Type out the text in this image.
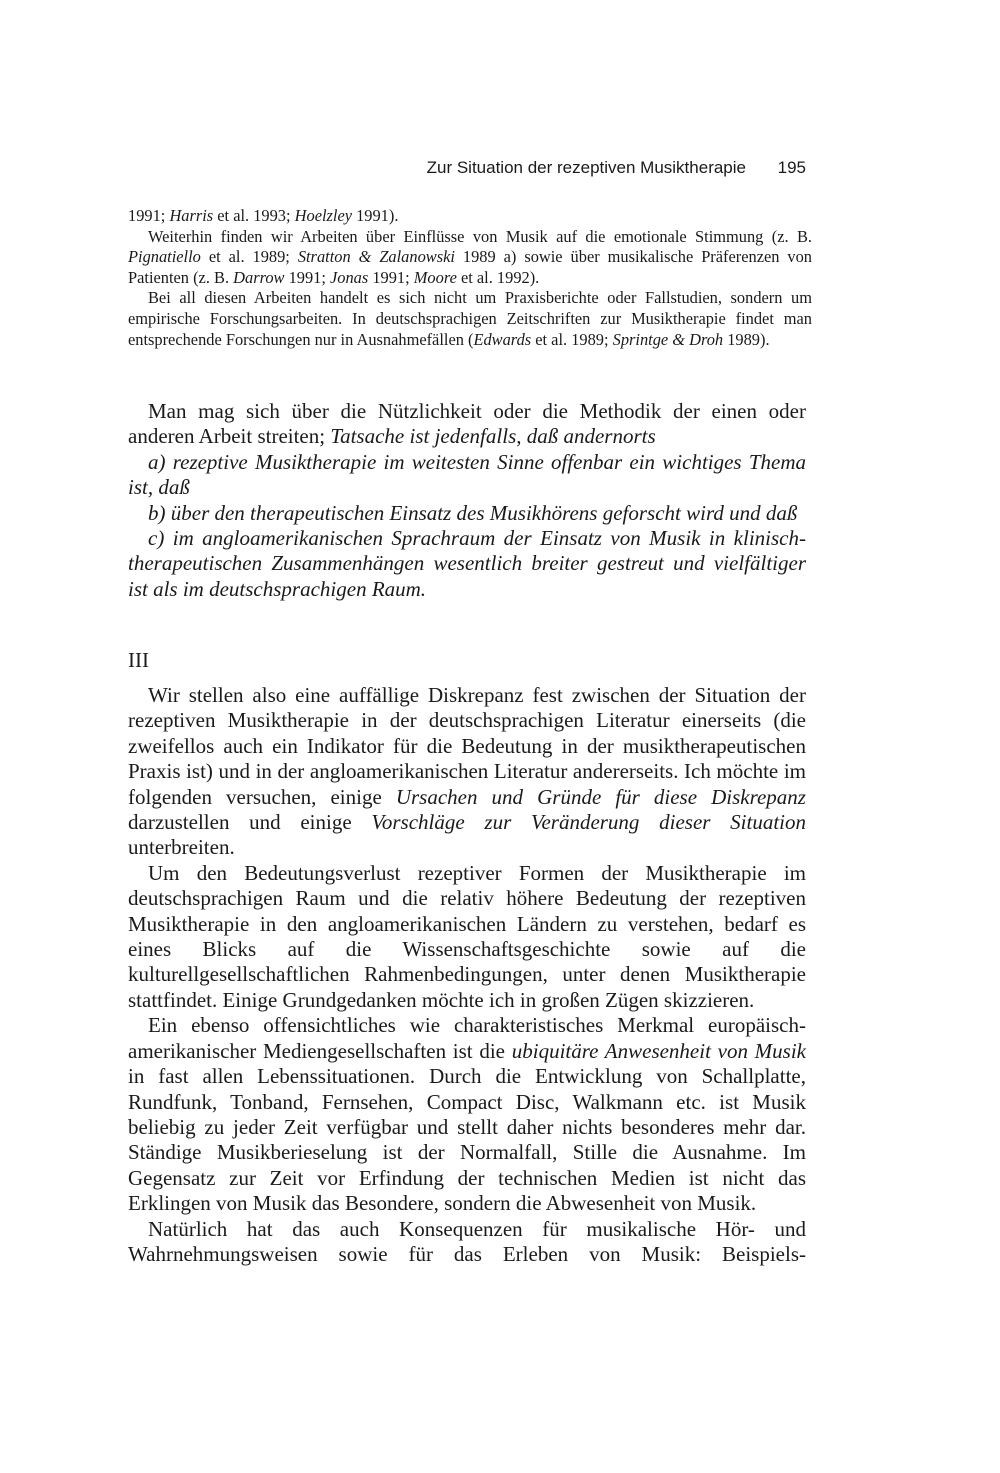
Zur Situation der rezeptiven Musiktherapie 195

1991; Harris et al. 1993; Hoelzley 1991).

Weiterhin finden wir Arbeiten über Einflüsse von Musik auf die emotionale Stimmung (z. B. Pignatiello et al. 1989; Stratton & Zalanowski 1989 a) sowie über musikalische Präferenzen von Patienten (z. B. Darrow 1991; Jonas 1991; Moore et al. 1992).

Bei all diesen Arbeiten handelt es sich nicht um Praxisberichte oder Fallstudien, sondern um empirische Forschungsarbeiten. In deutschsprachigen Zeitschriften zur Musiktherapie findet man entsprechende Forschungen nur in Ausnahmefällen (Edwards et al. 1989; Sprintge & Droh 1989).

Man mag sich über die Nützlichkeit oder die Methodik der einen oder anderen Arbeit streiten; Tatsache ist jedenfalls, daß andernorts

a) rezeptive Musiktherapie im weitesten Sinne offenbar ein wichtiges Thema ist, daß

b) über den therapeutischen Einsatz des Musikhörens geforscht wird und daß

c) im angloamerikanischen Sprachraum der Einsatz von Musik in klinisch-therapeutischen Zusammenhängen wesentlich breiter gestreut und vielfältiger ist als im deutschsprachigen Raum.

III

Wir stellen also eine auffällige Diskrepanz fest zwischen der Situation der rezeptiven Musiktherapie in der deutschsprachigen Literatur einerseits (die zweifellos auch ein Indikator für die Bedeutung in der musiktherapeutischen Praxis ist) und in der angloamerikanischen Literatur andererseits. Ich möchte im folgenden versuchen, einige Ursachen und Gründe für diese Diskrepanz darzustellen und einige Vorschläge zur Veränderung dieser Situation unterbreiten.

Um den Bedeutungsverlust rezeptiver Formen der Musiktherapie im deutschsprachigen Raum und die relativ höhere Bedeutung der rezeptiven Musiktherapie in den angloamerikanischen Ländern zu verstehen, bedarf es eines Blicks auf die Wissenschaftsgeschichte sowie auf die kulturellgesellschaftlichen Rahmenbedingungen, unter denen Musiktherapie stattfindet. Einige Grundgedanken möchte ich in großen Zügen skizzieren.

Ein ebenso offensichtliches wie charakteristisches Merkmal europäisch-amerikanischer Mediengesellschaften ist die ubiquitäre Anwesenheit von Musik in fast allen Lebenssituationen. Durch die Entwicklung von Schallplatte, Rundfunk, Tonband, Fernsehen, Compact Disc, Walkmann etc. ist Musik beliebig zu jeder Zeit verfügbar und stellt daher nichts besonderes mehr dar. Ständige Musikberieselung ist der Normalfall, Stille die Ausnahme. Im Gegensatz zur Zeit vor Erfindung der technischen Medien ist nicht das Erklingen von Musik das Besondere, sondern die Abwesenheit von Musik.

Natürlich hat das auch Konsequenzen für musikalische Hör- und Wahrnehmungsweisen sowie für das Erleben von Musik: Beispiels-
